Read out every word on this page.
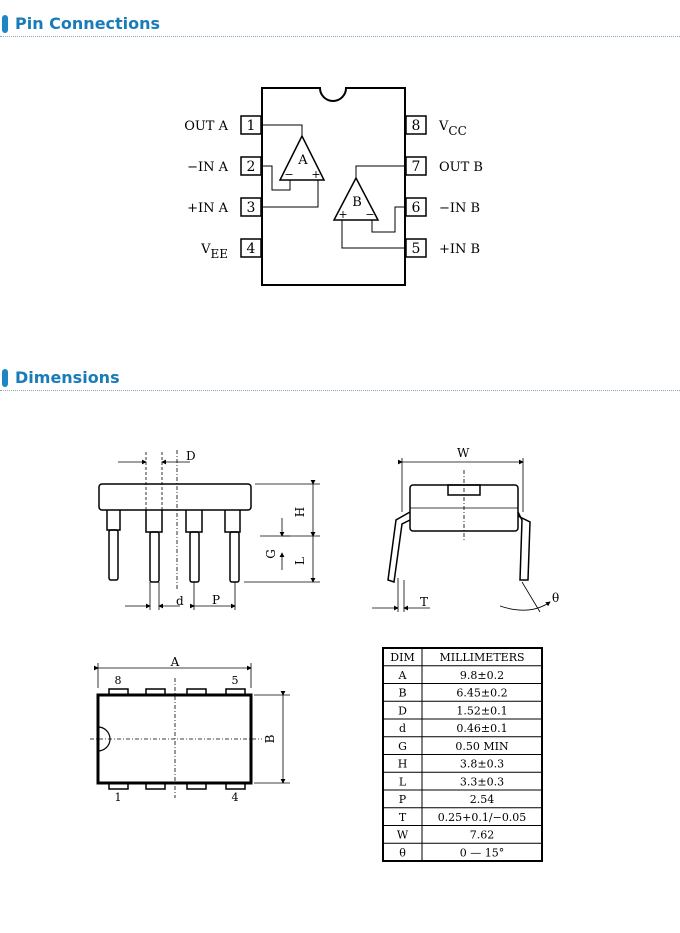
Pin Connections
1
2
3
4
8
7
6
5
OUT A
−IN A
+IN A
VEE
VCC
OUT B
−IN B
+IN B
A
− +
B
+ −
Dimensions
D
H
L
G
d P
W
T	θ
A
B
8	5
1	4
DIM MILLIMETERS
A	9.8±0.2
B	6.45±0.2
D	1.52±0.1
d	0.46±0.1
G	0.50 MIN
H	3.8±0.3
L	3.3±0.3
P	2.54
T	0.25+0.1/−0.05
W	7.62
θ	0 — 15°
